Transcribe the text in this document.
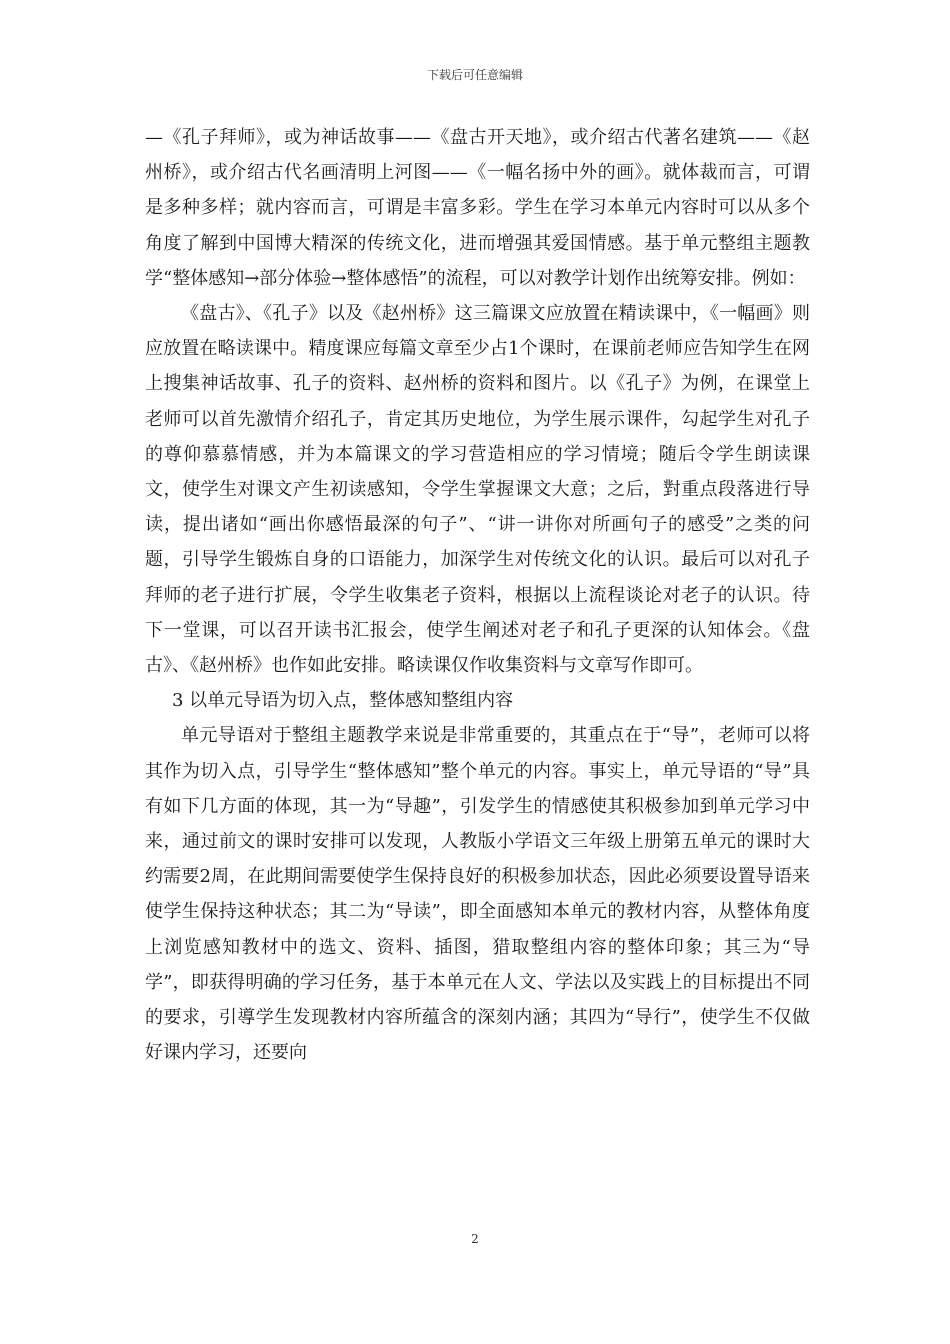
下载后可任意编辑

—《孔子拜师》，或为神话故事——《盘古开天地》，或介绍古代著名建筑——《赵州桥》，或介绍古代名画清明上河图——《一幅名扬中外的画》。就体裁而言，可谓是多种多样；就内容而言，可谓是丰富多彩。学生在学习本单元内容时可以从多个角度了解到中国博大精深的传统文化，进而增强其爱国情感。基于单元整组主题教学“整体感知→部分体验→整体感悟”的流程，可以对教学计划作出统筹安排。例如：

《盘古》、《孔子》以及《赵州桥》这三篇课文应放置在精读课中，《一幅画》则应放置在略读课中。精度课应每篇文章至少占1个课时，在课前老师应告知学生在网上搜集神话故事、孔子的资料、赵州桥的资料和图片。以《孔子》为例，在课堂上老师可以首先激情介绍孔子，肯定其历史地位，为学生展示课件，勾起学生对孔子的尊仰慕慕情感，并为本篇课文的学习营造相应的学习情境；随后令学生朗读课文，使学生对课文产生初读感知，令学生掌握课文大意；之后，對重点段落进行导读，提出诸如“画出你感悟最深的句子”、“讲一讲你对所画句子的感受”之类的问题，引导学生锻炼自身的口语能力，加深学生对传统文化的认识。最后可以对孔子拜师的老子进行扩展，令学生收集老子资料，根据以上流程谈论对老子的认识。待下一堂课，可以召开读书汇报会，使学生阐述对老子和孔子更深的认知体会。《盘古》、《赵州桥》也作如此安排。略读课仅作收集资料与文章写作即可。

3 以单元导语为切入点，整体感知整组内容

单元导语对于整组主题教学来说是非常重要的，其重点在于“导”，老师可以将其作为切入点，引导学生“整体感知”整个单元的内容。事实上，单元导语的“导”具有如下几方面的体现，其一为“导趣”，引发学生的情感使其积极参加到单元学习中来，通过前文的课时安排可以发现，人教版小学语文三年级上册第五单元的课时大约需要2周，在此期间需要使学生保持良好的积极参加状态，因此必须要设置导语来使学生保持这种状态；其二为“导读”，即全面感知本单元的教材内容，从整体角度上浏览感知教材中的选文、资料、插图，猎取整组内容的整体印象；其三为“导学”，即获得明确的学习任务，基于本单元在人文、学法以及实践上的目标提出不同的要求，引導学生发现教材内容所蕴含的深刻内涵；其四为“导行”，使学生不仅做好课内学习，还要向

2
